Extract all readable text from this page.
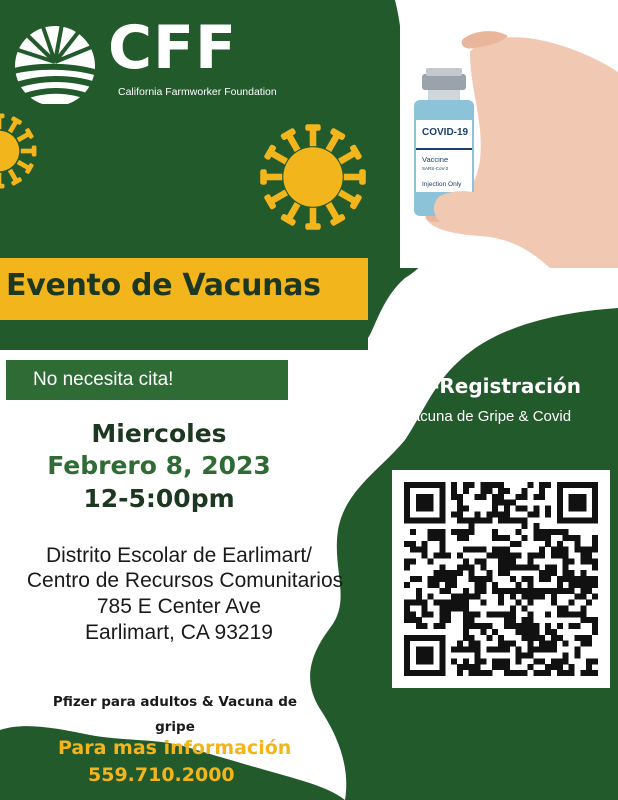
CFF
California Farmworker Foundation
COVID-19
Vaccine
SARS-CoV-2
Injection Only
Evento de Vacunas
No necesita cita!
Miercoles
Febrero 8, 2023
12-5:00pm
Distrito Escolar de Earlimart/
Centro de Recursos Comunitarios
785 E Center Ave
Earlimart, CA 93219
Pfizer para adultos & Vacuna de gripe
Para mas información
559.710.2000
Pre-Registración
Vacuna de Gripe & Covid
